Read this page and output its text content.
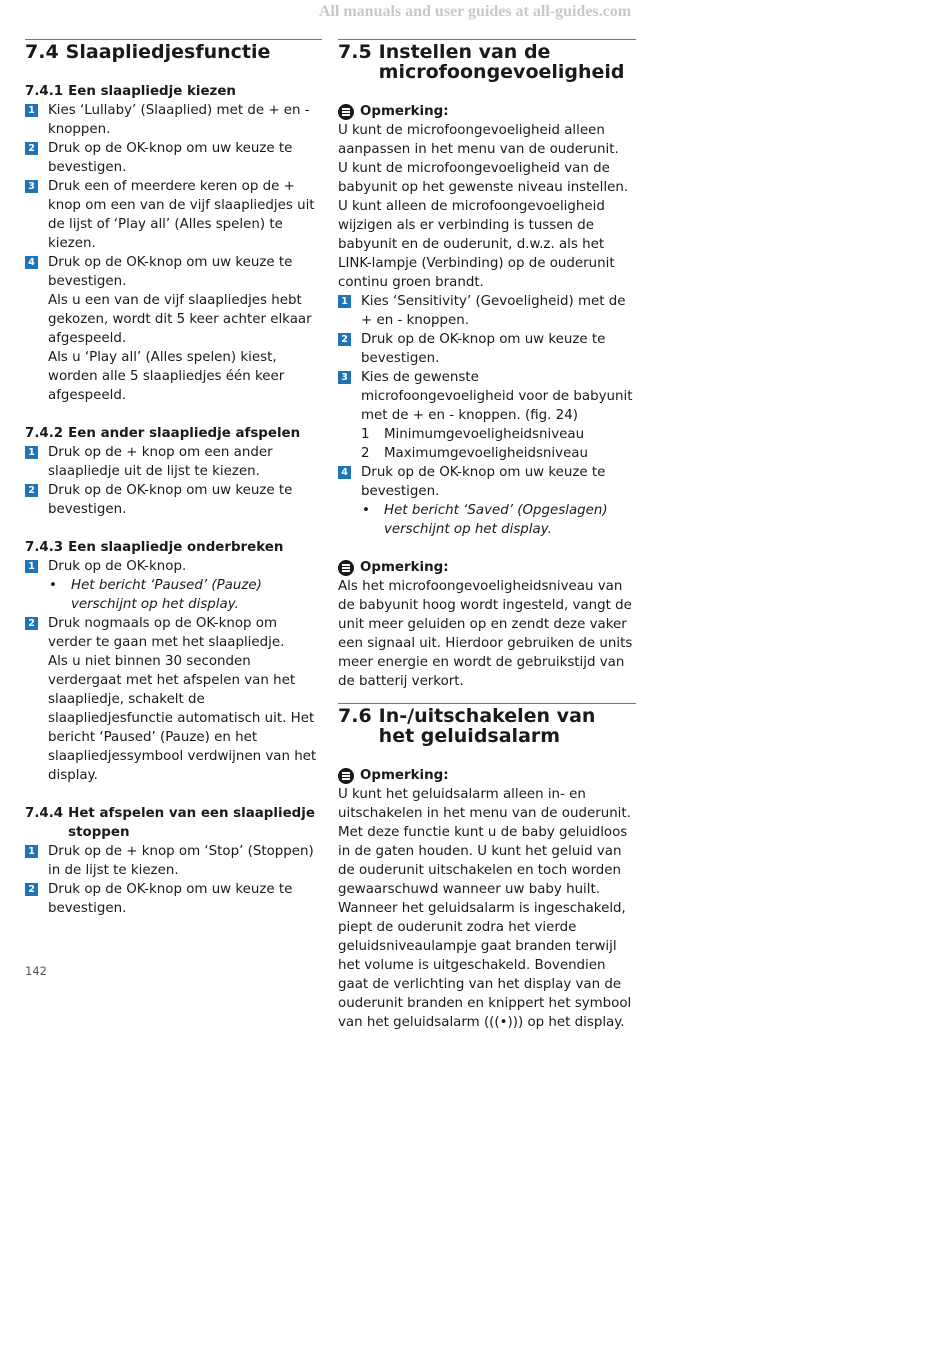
All manuals and user guides at all-guides.com
7.4 Slaapliedjesfunctie
7.4.1 Een slaapliedje kiezen
1 Kies ‘Lullaby’ (Slaaplied) met de + en - knoppen.
2 Druk op de OK-knop om uw keuze te bevestigen.
3 Druk een of meerdere keren op de + knop om een van de vijf slaapliedjes uit de lijst of ‘Play all’ (Alles spelen) te kiezen.
4 Druk op de OK-knop om uw keuze te bevestigen.
Als u een van de vijf slaapliedjes hebt gekozen, wordt dit 5 keer achter elkaar afgespeeld.
Als u ‘Play all’ (Alles spelen) kiest, worden alle 5 slaapliedjes één keer afgespeeld.
7.4.2 Een ander slaapliedje afspelen
1 Druk op de + knop om een ander slaapliedje uit de lijst te kiezen.
2 Druk op de OK-knop om uw keuze te bevestigen.
7.4.3 Een slaapliedje onderbreken
1 Druk op de OK-knop.
•	Het bericht ‘Paused’ (Pauze) verschijnt op het display.
2 Druk nogmaals op de OK-knop om verder te gaan met het slaapliedje.
Als u niet binnen 30 seconden verdergaat met het afspelen van het slaapliedje, schakelt de slaapliedjesfunctie automatisch uit. Het bericht ‘Paused’ (Pauze) en het slaapliedjessymbool verdwijnen van het display.
7.4.4 Het afspelen van een slaapliedje stoppen
1 Druk op de + knop om ‘Stop’ (Stoppen) in de lijst te kiezen.
2 Druk op de OK-knop om uw keuze te bevestigen.
7.5 Instellen van de microfoongevoeligheid
Opmerking:
U kunt de microfoongevoeligheid alleen aanpassen in het menu van de ouderunit.
U kunt de microfoongevoeligheid van de babyunit op het gewenste niveau instellen. U kunt alleen de microfoongevoeligheid wijzigen als er verbinding is tussen de babyunit en de ouderunit, d.w.z. als het LINK-lampje (Verbinding) op de ouderunit continu groen brandt.
1 Kies ‘Sensitivity’ (Gevoeligheid) met de + en - knoppen.
2 Druk op de OK-knop om uw keuze te bevestigen.
3 Kies de gewenste microfoongevoeligheid voor de babyunit met de + en - knoppen. (fig. 24)
1	Minimumgevoeligheidsniveau
2	Maximumgevoeligheidsniveau
4 Druk op de OK-knop om uw keuze te bevestigen.
•	Het bericht ‘Saved’ (Opgeslagen) verschijnt op het display.
Opmerking:
Als het microfoongevoeligheidsniveau van de babyunit hoog wordt ingesteld, vangt de unit meer geluiden op en zendt deze vaker een signaal uit. Hierdoor gebruiken de units meer energie en wordt de gebruikstijd van de batterij verkort.
7.6 In-/uitschakelen van het geluidsalarm
Opmerking:
U kunt het geluidsalarm alleen in- en uitschakelen in het menu van de ouderunit.
Met deze functie kunt u de baby geluidloos in de gaten houden. U kunt het geluid van de ouderunit uitschakelen en toch worden gewaarschuwd wanneer uw baby huilt.
Wanneer het geluidsalarm is ingeschakeld, piept de ouderunit zodra het vierde geluidsniveaulampje gaat branden terwijl het volume is uitgeschakeld. Bovendien gaat de verlichting van het display van de ouderunit branden en knippert het symbool van het geluidsalarm (((•))) op het display.
142
